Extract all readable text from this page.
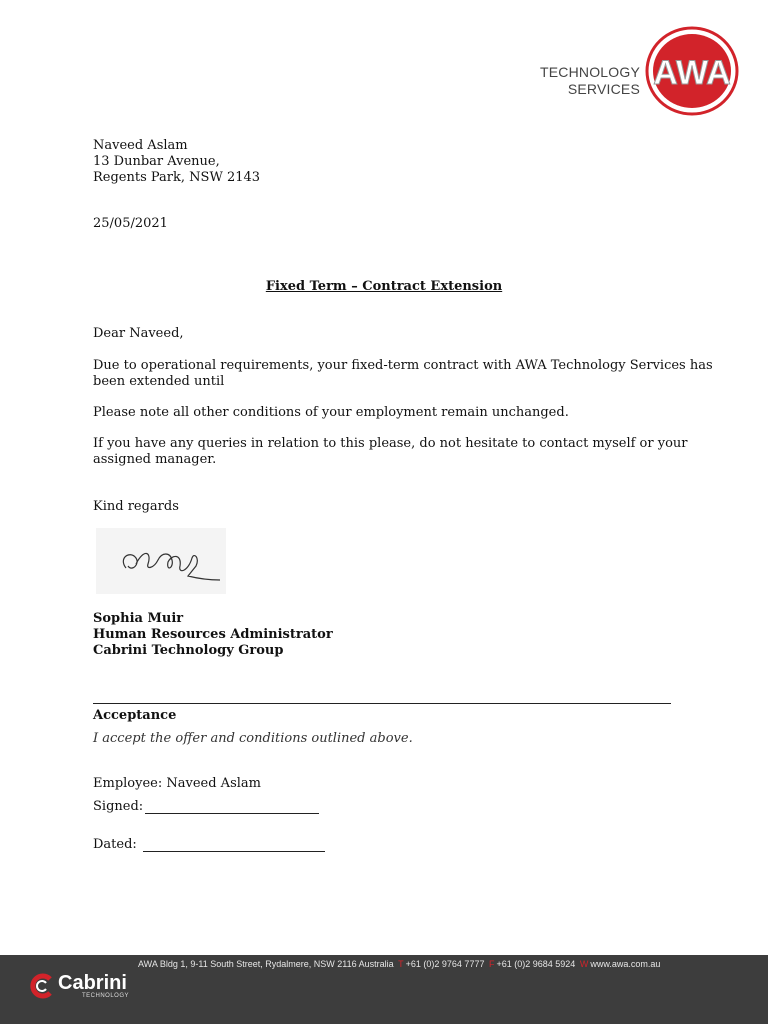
TECHNOLOGY
SERVICES AWA
Naveed Aslam
13 Dunbar Avenue,
Regents Park, NSW 2143
25/05/2021
Fixed Term – Contract Extension
Dear Naveed,
Due to operational requirements, your fixed-term contract with AWA Technology Services has
been extended until
Please note all other conditions of your employment remain unchanged.
If you have any queries in relation to this please, do not hesitate to contact myself or your
assigned manager.
Kind regards
Sophia Muir
Human Resources Administrator
Cabrini Technology Group
Acceptance
I accept the offer and conditions outlined above.
Employee: Naveed Aslam
Signed:
Dated:
AWA Bldg 1, 9-11 South Street, Rydalmere, NSW 2116 Australia T +61 (0)2 9764 7777 F +61 (0)2 9684 5924 W www.awa.com.au
Cabrini
TECHNOLOGY
